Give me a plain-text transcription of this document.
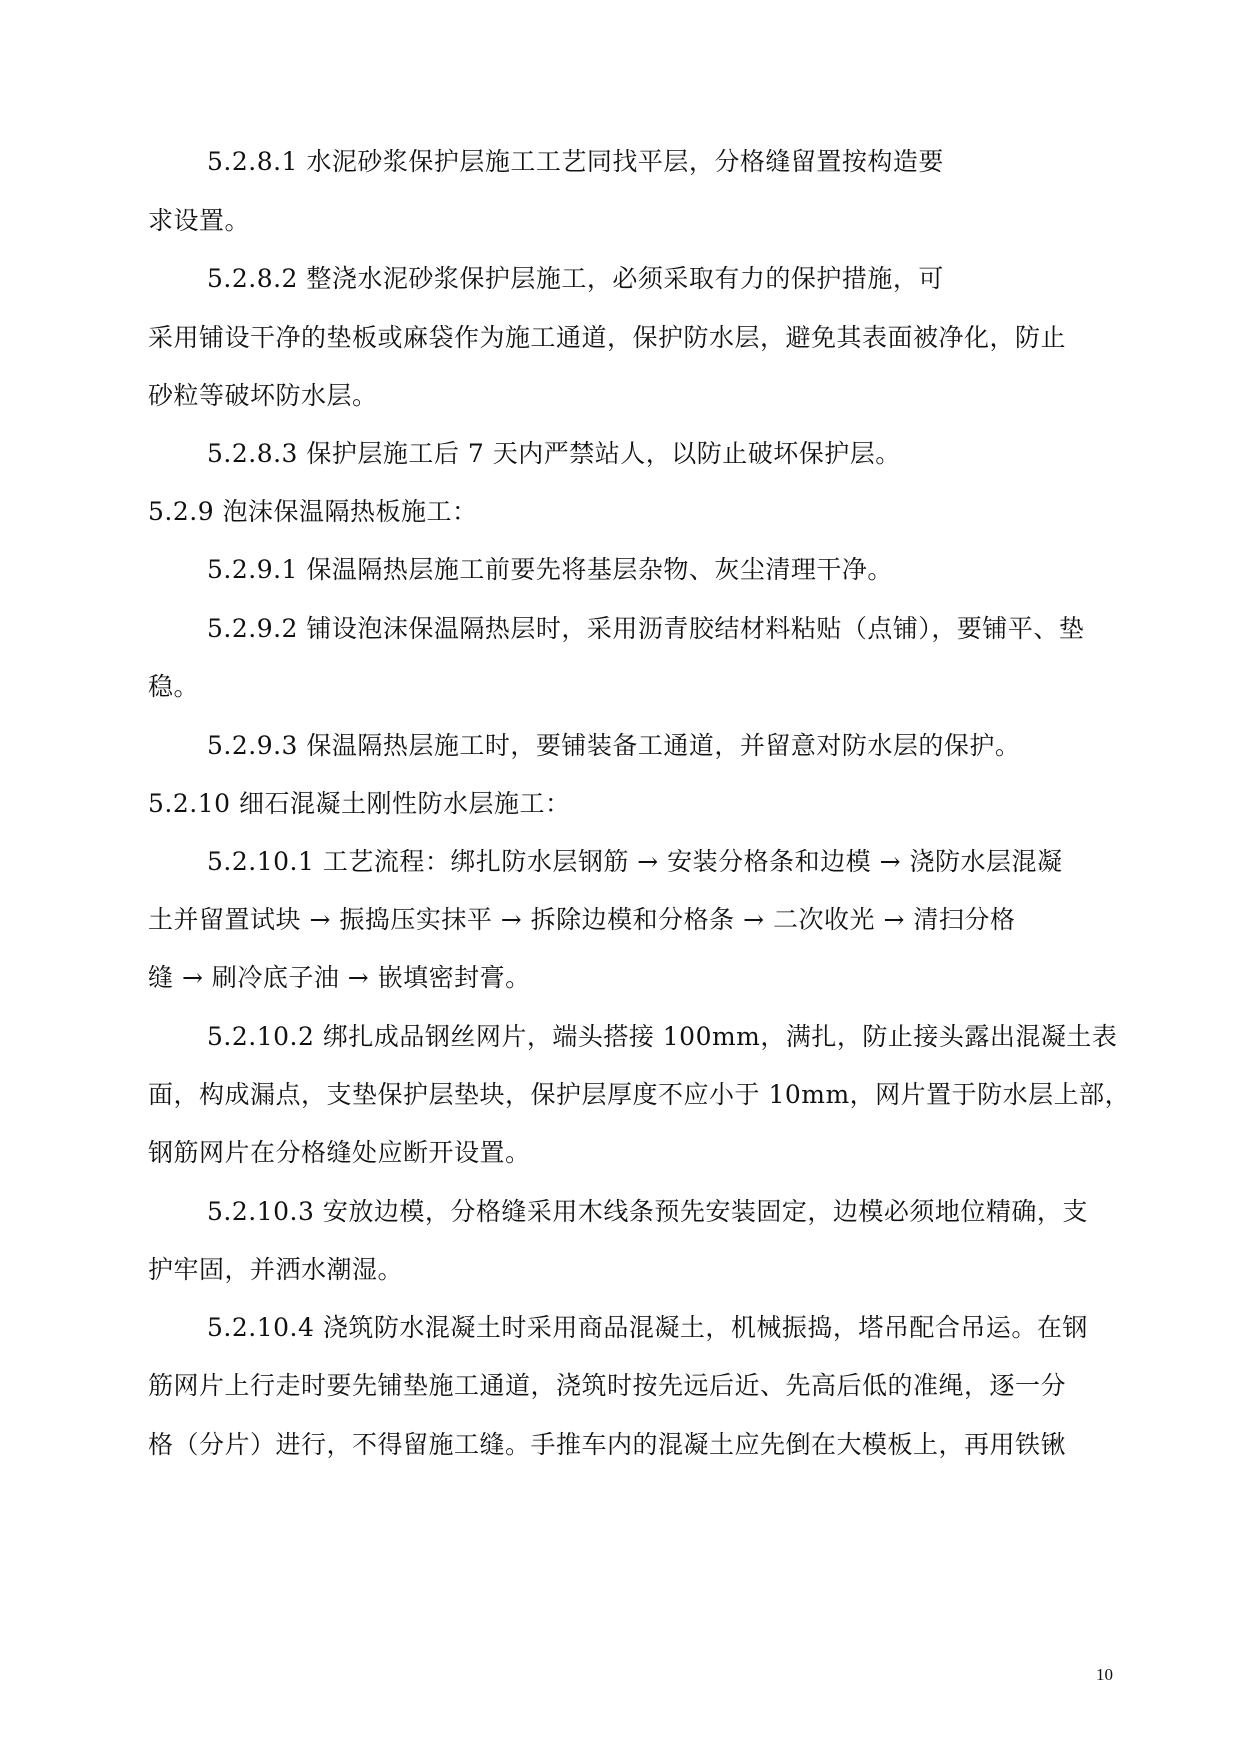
5.2.8.1 水泥砂浆保护层施工工艺同找平层，分格缝留置按构造要
求设置。
5.2.8.2 整浇水泥砂浆保护层施工，必须采取有力的保护措施，可
采用铺设干净的垫板或麻袋作为施工通道，保护防水层，避免其表面被净化，防止
砂粒等破坏防水层。
5.2.8.3 保护层施工后 7 天内严禁站人，以防止破坏保护层。
5.2.9 泡沫保温隔热板施工：
5.2.9.1 保温隔热层施工前要先将基层杂物、灰尘清理干净。
5.2.9.2 铺设泡沫保温隔热层时，采用沥青胶结材料粘贴（点铺），要铺平、垫
稳。
5.2.9.3 保温隔热层施工时，要铺装备工通道，并留意对防水层的保护。
5.2.10 细石混凝土刚性防水层施工：
5.2.10.1 工艺流程：绑扎防水层钢筋 → 安装分格条和边模 → 浇防水层混凝
土并留置试块 → 振捣压实抹平 → 拆除边模和分格条 → 二次收光 → 清扫分格
缝 → 刷冷底子油 → 嵌填密封膏。
5.2.10.2 绑扎成品钢丝网片，端头搭接 100mm，满扎，防止接头露出混凝土表
面，构成漏点，支垫保护层垫块，保护层厚度不应小于 10mm，网片置于防水层上部，
钢筋网片在分格缝处应断开设置。
5.2.10.3 安放边模，分格缝采用木线条预先安装固定，边模必须地位精确，支
护牢固，并洒水潮湿。
5.2.10.4 浇筑防水混凝土时采用商品混凝土，机械振捣，塔吊配合吊运。在钢
筋网片上行走时要先铺垫施工通道，浇筑时按先远后近、先高后低的准绳，逐一分
格（分片）进行，不得留施工缝。手推车内的混凝土应先倒在大模板上，再用铁锹
10
